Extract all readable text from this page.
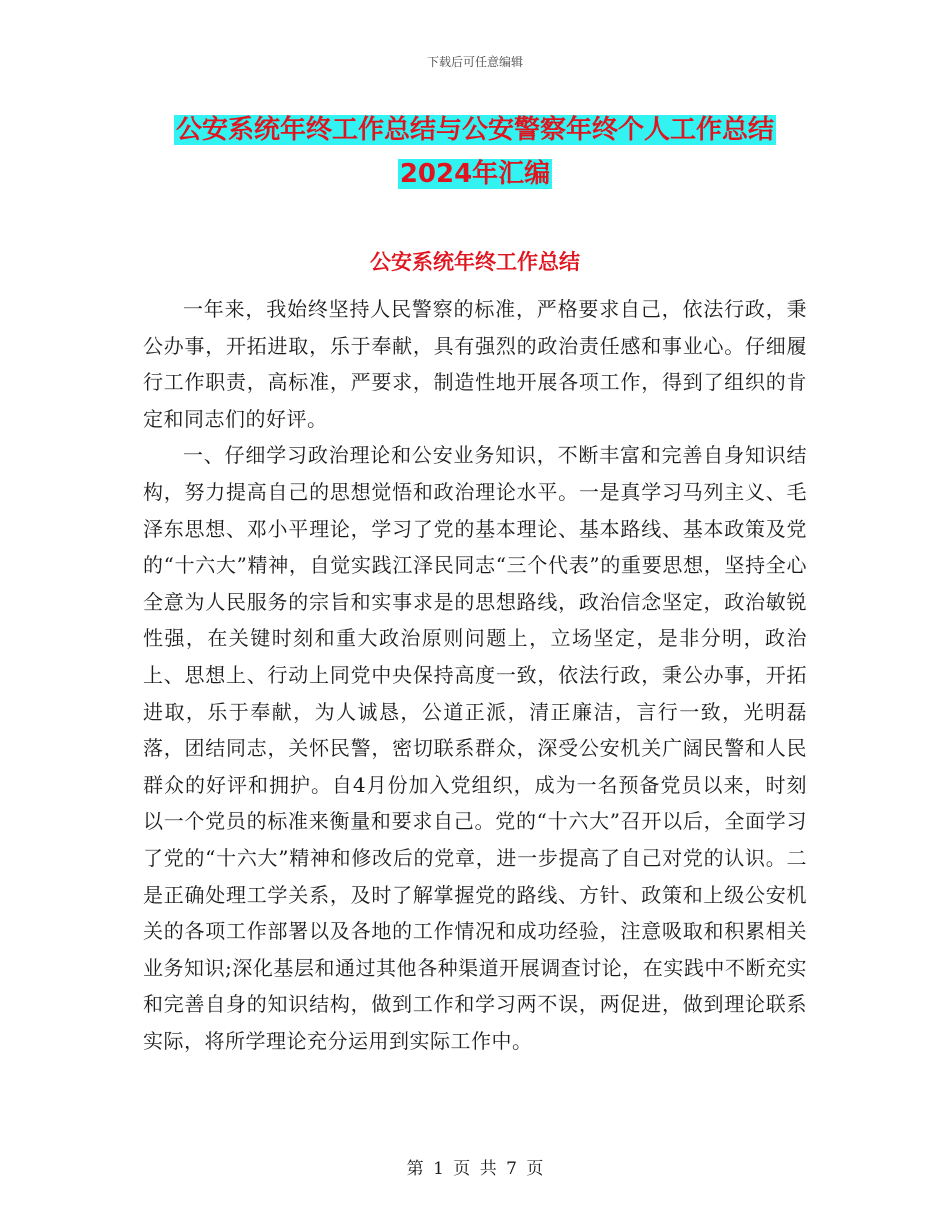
下载后可任意编辑
公安系统年终工作总结与公安警察年终个人工作总结
2024年汇编
公安系统年终工作总结

一年来，我始终坚持人民警察的标准，严格要求自己，依法行政，秉公办事，开拓进取，乐于奉献，具有强烈的政治责任感和事业心。仔细履行工作职责，高标准，严要求，制造性地开展各项工作，得到了组织的肯定和同志们的好评。

一、仔细学习政治理论和公安业务知识，不断丰富和完善自身知识结构，努力提高自己的思想觉悟和政治理论水平。一是真学习马列主义、毛泽东思想、邓小平理论，学习了党的基本理论、基本路线、基本政策及党的“十六大”精神，自觉实践江泽民同志“三个代表”的重要思想，坚持全心全意为人民服务的宗旨和实事求是的思想路线，政治信念坚定，政治敏锐性强，在关键时刻和重大政治原则问题上，立场坚定，是非分明，政治上、思想上、行动上同党中央保持高度一致，依法行政，秉公办事，开拓进取，乐于奉献，为人诚恳，公道正派，清正廉洁，言行一致，光明磊落，团结同志，关怀民警，密切联系群众，深受公安机关广阔民警和人民群众的好评和拥护。自4月份加入党组织，成为一名预备党员以来，时刻以一个党员的标准来衡量和要求自己。党的“十六大”召开以后，全面学习了党的“十六大”精神和修改后的党章，进一步提高了自己对党的认识。二是正确处理工学关系，及时了解掌握党的路线、方针、政策和上级公安机关的各项工作部署以及各地的工作情况和成功经验，注意吸取和积累相关业务知识;深化基层和通过其他各种渠道开展调查讨论，在实践中不断充实和完善自身的知识结构，做到工作和学习两不误，两促进，做到理论联系实际，将所学理论充分运用到实际工作中。

第 1 页 共 7 页
